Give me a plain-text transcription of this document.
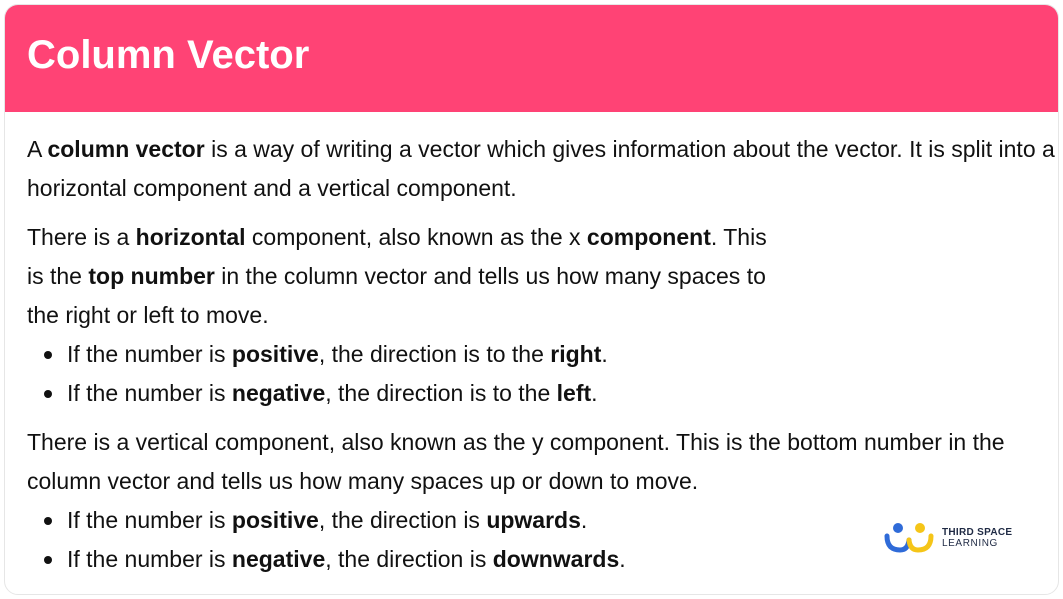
Column Vector

A column vector is a way of writing a vector which gives information about the vector. It is split into a horizontal component and a vertical component.

There is a horizontal component, also known as the x component. This
is the top number in the column vector and tells us how many spaces to
the right or left to move.
If the number is positive, the direction is to the right.
If the number is negative, the direction is to the left.
There is a vertical component, also known as the y component. This is the bottom number in the column vector and tells us how many spaces up or down to move.
If the number is positive, the direction is upwards.
If the number is negative, the direction is downwards.
THIRD SPACE
LEARNING
